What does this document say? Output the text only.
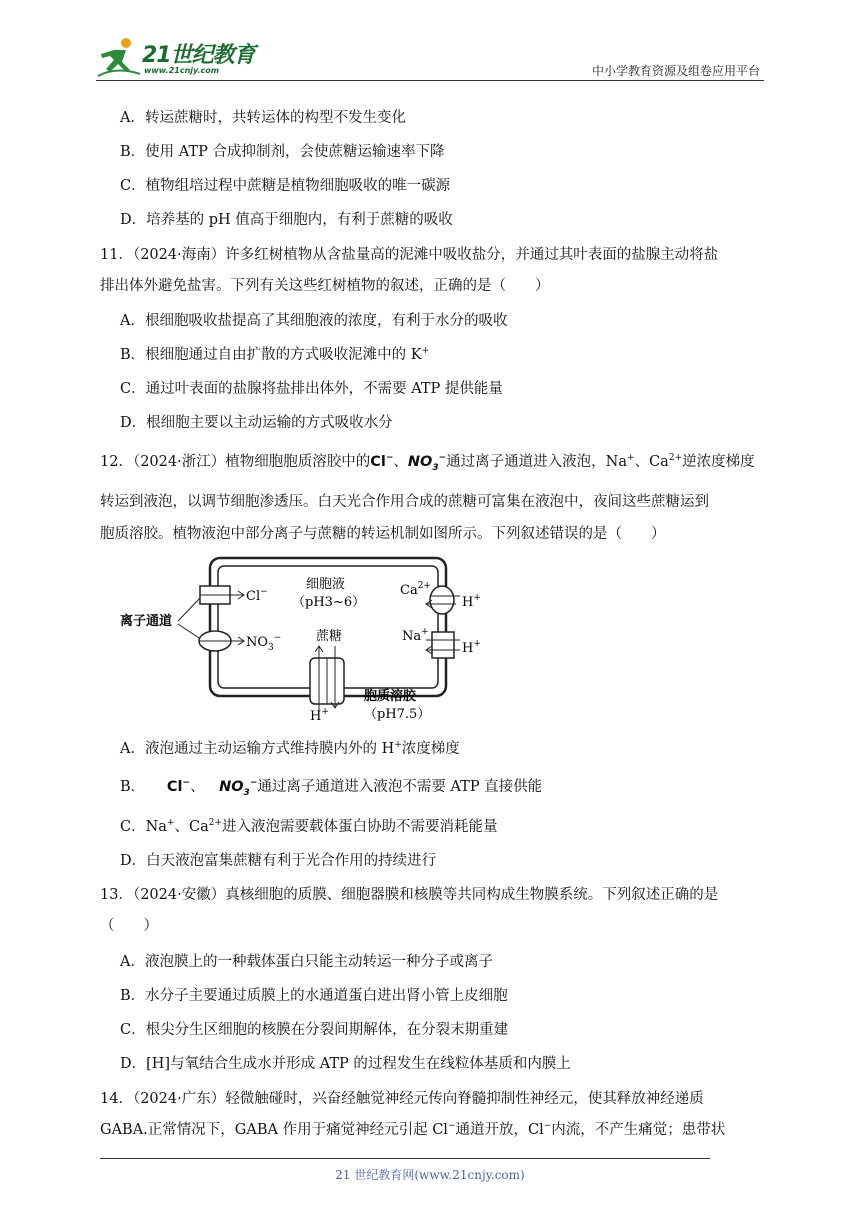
21世纪教育
www.21cnjy.com	中小学教育资源及组卷应用平台
A．转运蔗糖时，共转运体的构型不发生变化
B．使用 ATP 合成抑制剂，会使蔗糖运输速率下降
C．植物组培过程中蔗糖是植物细胞吸收的唯一碳源
D．培养基的 pH 值高于细胞内，有利于蔗糖的吸收
11．（2024·海南）许多红树植物从含盐量高的泥滩中吸收盐分，并通过其叶表面的盐腺主动将盐
排出体外避免盐害。下列有关这些红树植物的叙述，正确的是（　　）
A．根细胞吸收盐提高了其细胞液的浓度，有利于水分的吸收
B．根细胞通过自由扩散的方式吸收泥滩中的 K+
C．通过叶表面的盐腺将盐排出体外，不需要 ATP 提供能量
D．根细胞主要以主动运输的方式吸收水分
12．（2024·浙江）植物细胞胞质溶胶中的Cl−、$NO_3^-$通过离子通道进入液泡，Na+、$Ca^{2+}$逆浓度梯度
转运到液泡，以调节细胞渗透压。白天光合作用合成的蔗糖可富集在液泡中，夜间这些蔗糖运到
胞质溶胶。植物液泡中部分离子与蔗糖的转运机制如图所示。下列叙述错误的是（　　）
离子通道
Cl−
$NO_3^-$
细胞液
（pH3~6）
蔗糖
H+
胞质溶胶
（pH7.5）
$Ca^{2+}$
H+
Na+
H+
A．液泡通过主动运输方式维持膜内外的 H+浓度梯度
B．   Cl−、  $NO_3^-$通过离子通道进入液泡不需要 ATP 直接供能
C．Na+、$Ca^{2+}$进入液泡需要载体蛋白协助不需要消耗能量
D．白天液泡富集蔗糖有利于光合作用的持续进行
13．（2024·安徽）真核细胞的质膜、细胞器膜和核膜等共同构成生物膜系统。下列叙述正确的是
（　　）
A．液泡膜上的一种载体蛋白只能主动转运一种分子或离子
B．水分子主要通过质膜上的水通道蛋白进出肾小管上皮细胞
C．根尖分生区细胞的核膜在分裂间期解体，在分裂末期重建
D．[H]与氧结合生成水并形成 ATP 的过程发生在线粒体基质和内膜上
14．（2024·广东）轻微触碰时，兴奋经触觉神经元传向脊髓抑制性神经元，使其释放神经递质
GABA.正常情况下，GABA 作用于痛觉神经元引起 Cl−通道开放，Cl−内流，不产生痛觉；患带状
21 世纪教育网(www.21cnjy.com)
